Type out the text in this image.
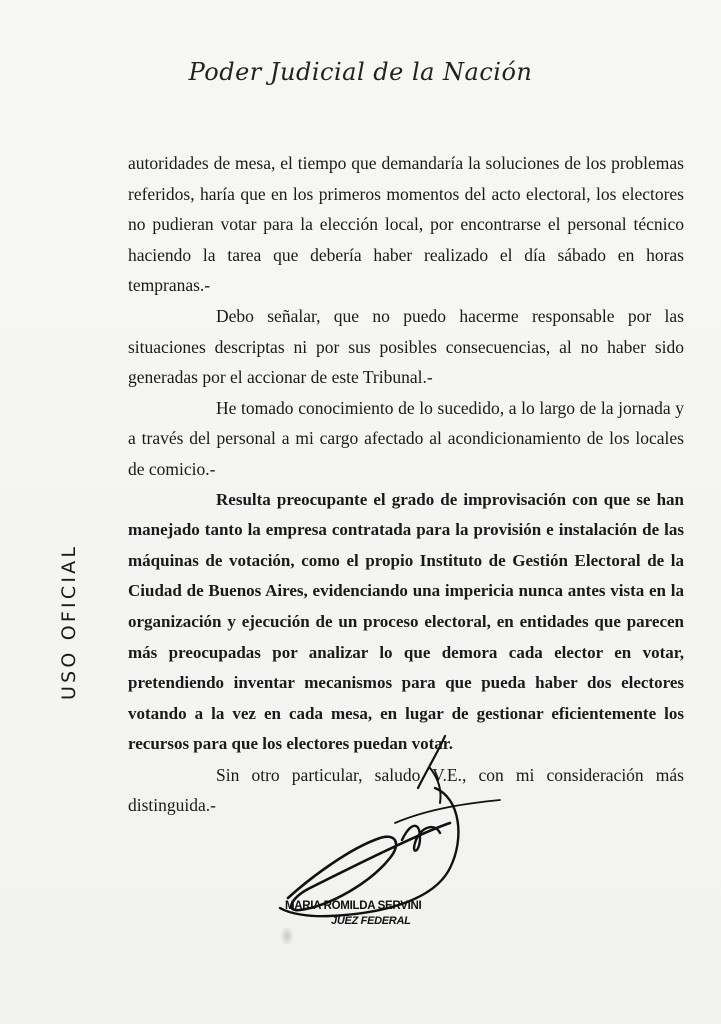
Poder Judicial de la Nación
USO OFICIAL

autoridades de mesa, el tiempo que demandaría la soluciones de los problemas referidos, haría que en los primeros momentos del acto electoral, los electores no pudieran votar para la elección local, por encontrarse el personal técnico haciendo la tarea que debería haber realizado el día sábado en horas tempranas.-

Debo señalar, que no puedo hacerme responsable por las situaciones descriptas ni por sus posibles consecuencias, al no haber sido generadas por el accionar de este Tribunal.-

He tomado conocimiento de lo sucedido, a lo largo de la jornada y a través del personal a mi cargo afectado al acondicionamiento de los locales de comicio.-

Resulta preocupante el grado de improvisación con que se han manejado tanto la empresa contratada para la provisión e instalación de las máquinas de votación, como el propio Instituto de Gestión Electoral de la Ciudad de Buenos Aires, evidenciando una impericia nunca antes vista en la organización y ejecución de un proceso electoral, en entidades que parecen más preocupadas por analizar lo que demora cada elector en votar, pretendiendo inventar mecanismos para que pueda haber dos electores votando a la vez en cada mesa, en lugar de gestionar eficientemente los recursos para que los electores puedan votar.

Sin otro particular, saludo V.E., con mi consideración más distinguida.-

MARIA ROMILDA SERVINI
JUEZ FEDERAL
